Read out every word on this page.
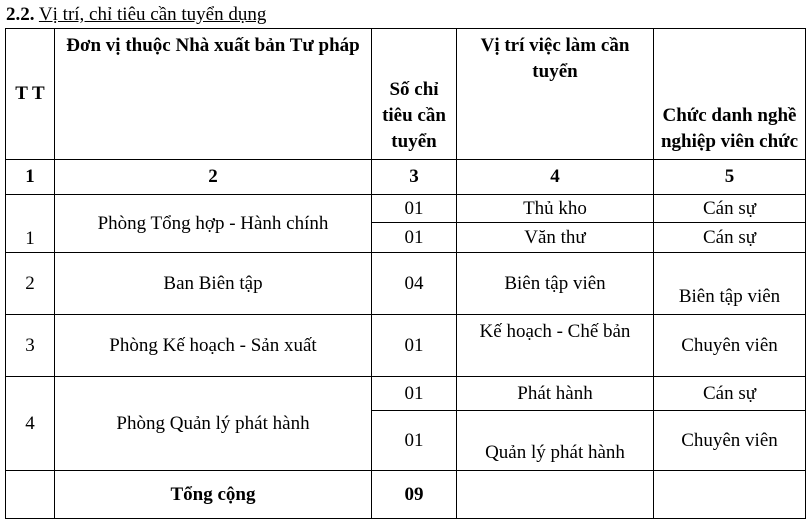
2.2. Vị trí, chỉ tiêu cần tuyển dụng
T T	Đơn vị thuộc Nhà xuất bản Tư pháp	Số chỉ tiêu cần tuyển	Vị trí việc làm cần tuyển	Chức danh nghề nghiệp viên chức
1	2	3	4	5
1	Phòng Tổng hợp - Hành chính	01	Thủ kho	Cán sự
		01	Văn thư	Cán sự
2	Ban Biên tập	04	Biên tập viên	Biên tập viên
3	Phòng Kế hoạch - Sản xuất	01	Kế hoạch - Chế bản	Chuyên viên
4	Phòng Quản lý phát hành	01	Phát hành	Cán sự
		01	Quản lý phát hành	Chuyên viên
	Tổng cộng	09		
